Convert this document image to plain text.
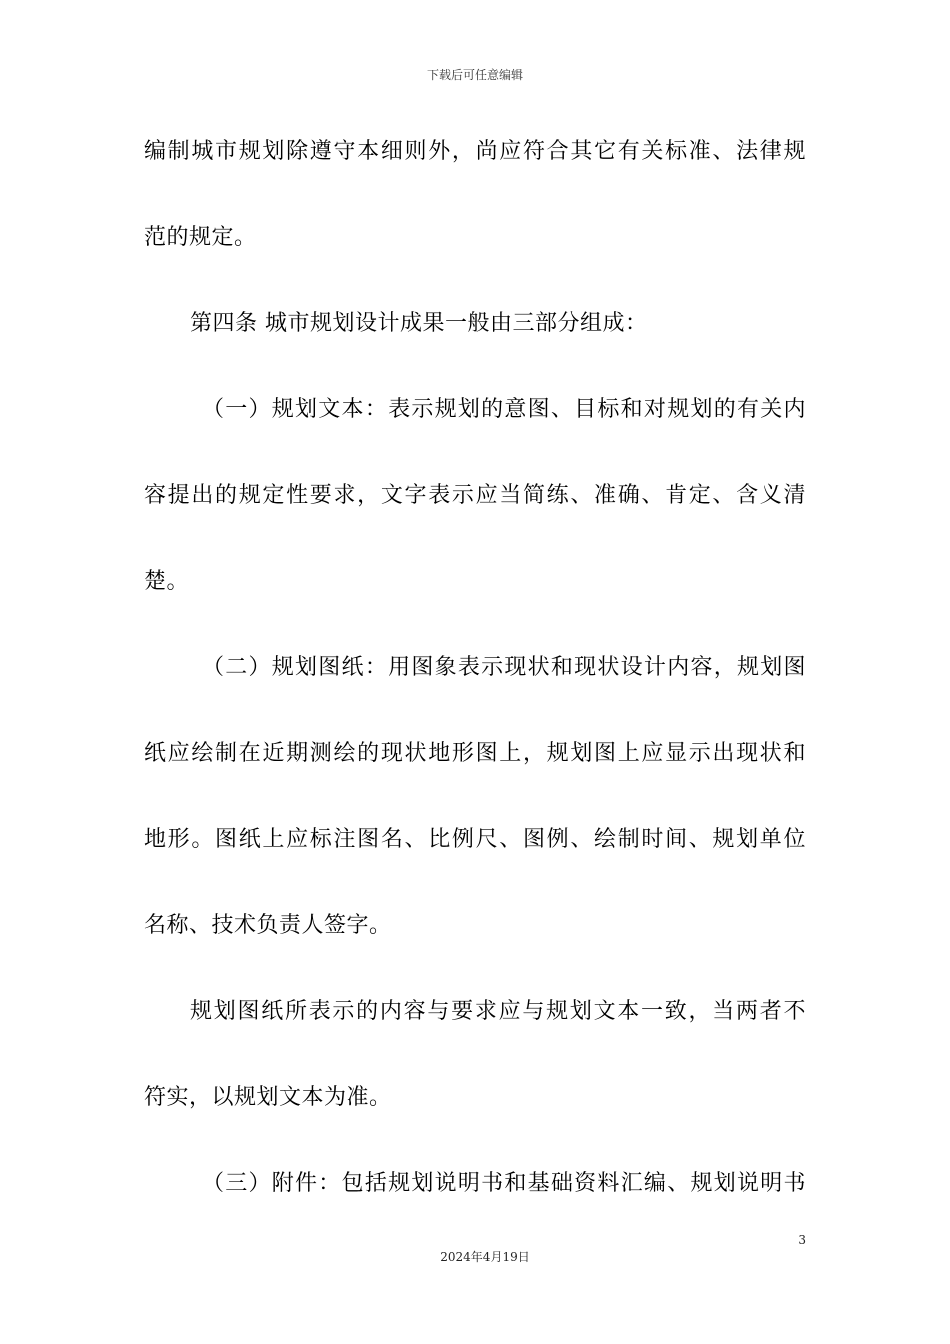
下载后可任意编辑
编制城市规划除遵守本细则外，尚应符合其它有关标准、法律规
范的规定。
第四条 城市规划设计成果一般由三部分组成：
（一）规划文本：表示规划的意图、目标和对规划的有关内
容提出的规定性要求，文字表示应当简练、准确、肯定、含义清
楚。
（二）规划图纸：用图象表示现状和现状设计内容，规划图
纸应绘制在近期测绘的现状地形图上，规划图上应显示出现状和
地形。图纸上应标注图名、比例尺、图例、绘制时间、规划单位
名称、技术负责人签字。
规划图纸所表示的内容与要求应与规划文本一致，当两者不
符实，以规划文本为准。
（三）附件：包括规划说明书和基础资料汇编、规划说明书
3
2024年4月19日
